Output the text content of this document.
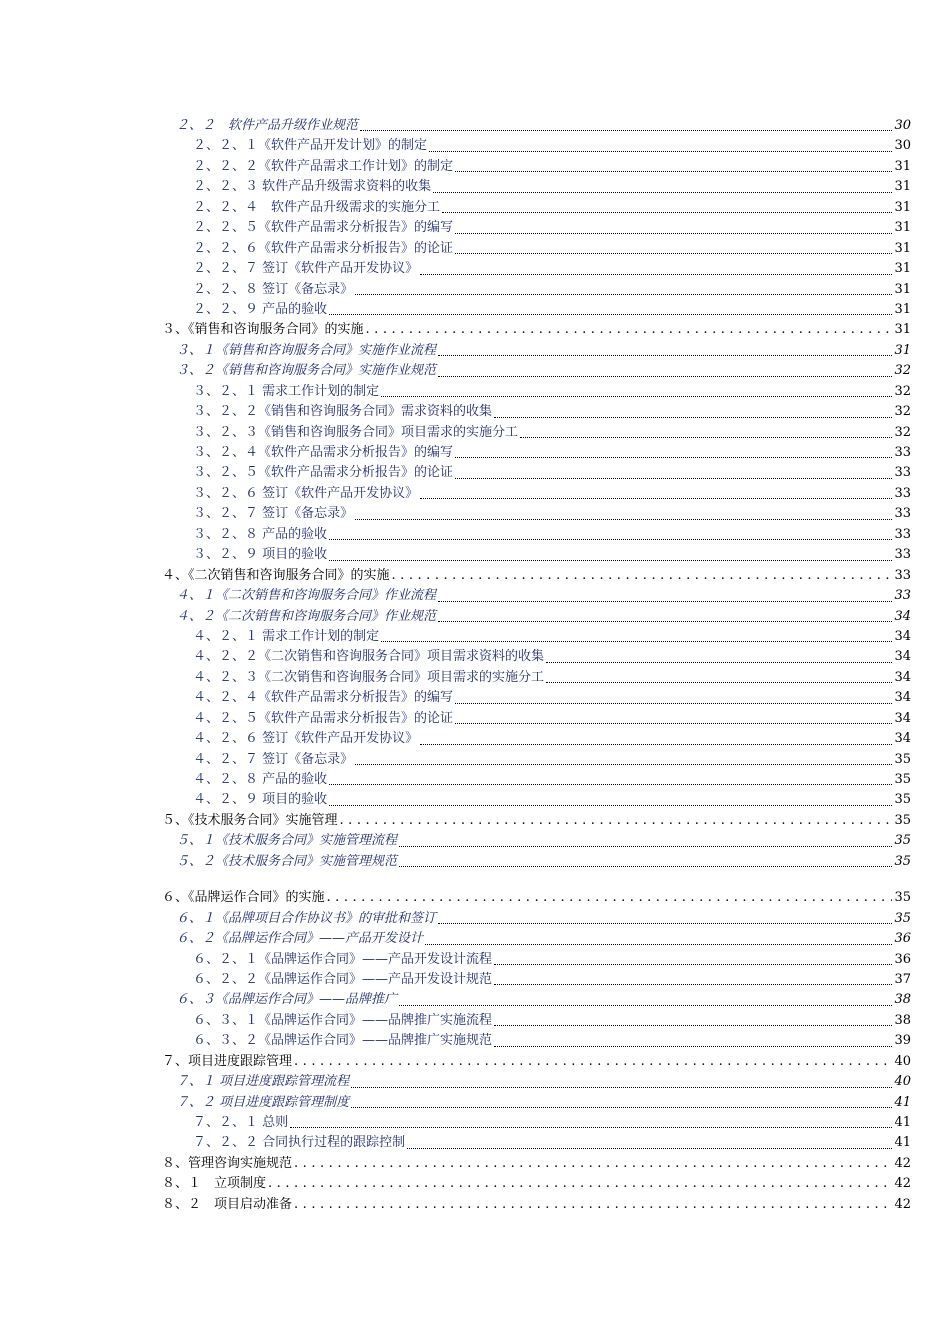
２、２　软件产品升级作业规范	30
２、２、１《软件产品开发计划》的制定	30
２、２、２《软件产品需求工作计划》的制定	31
２、２、３ 软件产品升级需求资料的收集	31
２、２、４　软件产品升级需求的实施分工	31
２、２、５《软件产品需求分析报告》的编写	31
２、２、６《软件产品需求分析报告》的论证	31
２、２、７ 签订《软件产品开发协议》	31
２、２、８ 签订《备忘录》	31
２、２、９ 产品的验收	31
３、《销售和咨询服务合同》的实施 . . .	31
３、１《销售和咨询服务合同》实施作业流程	31
３、２《销售和咨询服务合同》实施作业规范	32
３、２、１ 需求工作计划的制定	32
３、２、２《销售和咨询服务合同》需求资料的收集	32
３、２、３《销售和咨询服务合同》项目需求的实施分工	32
３、２、４《软件产品需求分析报告》的编写	33
３、２、５《软件产品需求分析报告》的论证	33
３、２、６ 签订《软件产品开发协议》	33
３、２、７ 签订《备忘录》	33
３、２、８ 产品的验收	33
３、２、９ 项目的验收	33
４、《二次销售和咨询服务合同》的实施 . . .	33
４、１《二次销售和咨询服务合同》作业流程	33
４、２《二次销售和咨询服务合同》作业规范	34
４、２、１ 需求工作计划的制定	34
４、２、２《二次销售和咨询服务合同》项目需求资料的收集	34
４、２、３《二次销售和咨询服务合同》项目需求的实施分工	34
４、２、４《软件产品需求分析报告》的编写	34
４、２、５《软件产品需求分析报告》的论证	34
４、２、６ 签订《软件产品开发协议》	34
４、２、７ 签订《备忘录》	35
４、２、８ 产品的验收	35
４、２、９ 项目的验收	35
５、《技术服务合同》实施管理 . . .	35
５、１《技术服务合同》实施管理流程	35
５、２《技术服务合同》实施管理规范	35
６、《品牌运作合同》的实施 . . .	35
６、１《品牌项目合作协议书》的审批和签订	35
６、２《品牌运作合同》——产品开发设计	36
６、２、１《品牌运作合同》——产品开发设计流程	36
６、２、２《品牌运作合同》——产品开发设计规范	37
６、３《品牌运作合同》——品牌推广	38
６、３、１《品牌运作合同》——品牌推广实施流程	38
６、３、２《品牌运作合同》——品牌推广实施规范	39
７、项目进度跟踪管理 . . .	40
７、１ 项目进度跟踪管理流程	40
７、２ 项目进度跟踪管理制度	41
７、２、１ 总则	41
７、２、２ 合同执行过程的跟踪控制	41
８、管理咨询实施规范 . . .	42
８、１　立项制度 . . .	42
８、２　项目启动准备 . . .	42
